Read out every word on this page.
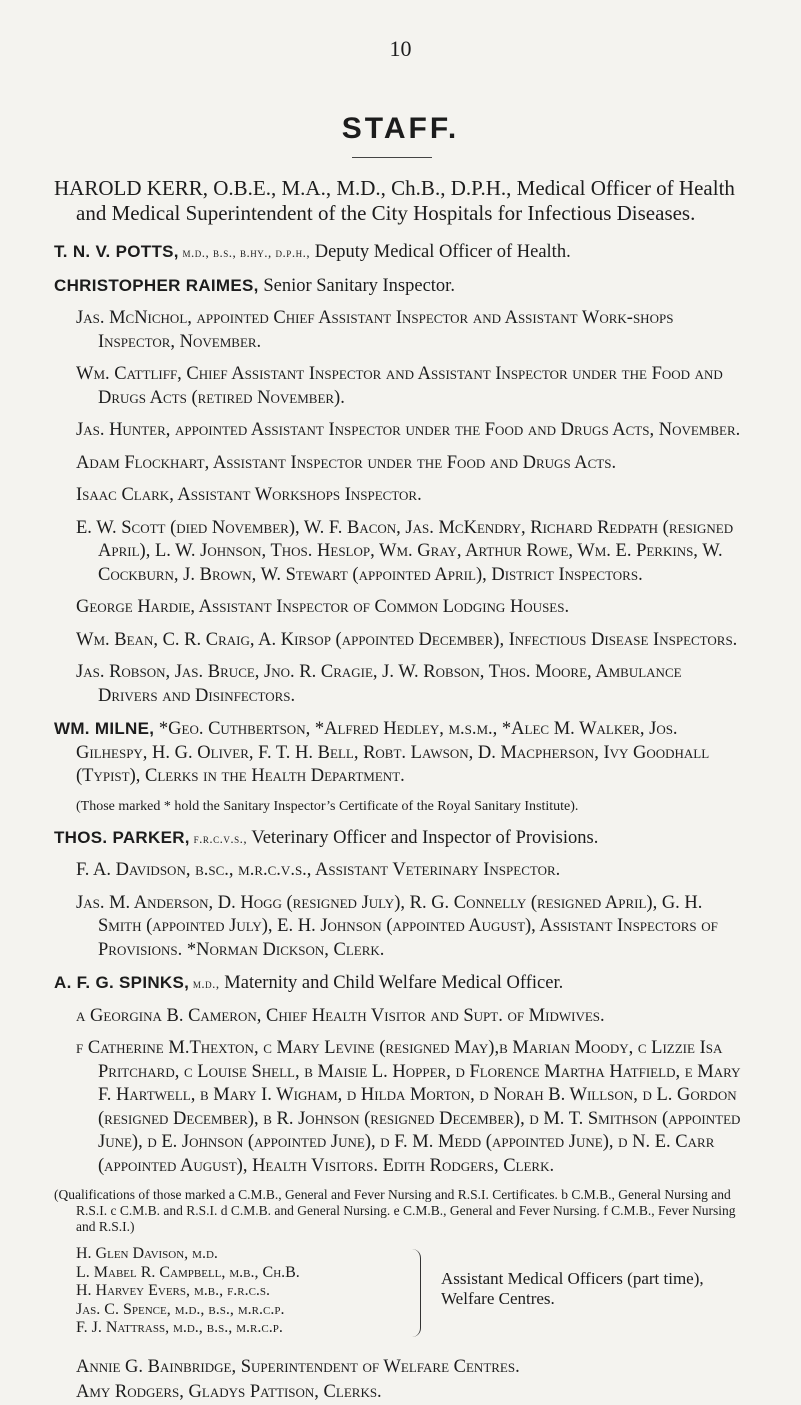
10
STAFF.

HAROLD KERR, O.B.E., M.A., M.D., Ch.B., D.P.H., Medical Officer of Health and Medical Superintendent of the City Hospitals for Infectious Diseases.

T. N. V. POTTS, m.d., b.s., b.hy., d.p.h., Deputy Medical Officer of Health.

CHRISTOPHER RAIMES, Senior Sanitary Inspector.

Jas. McNichol, appointed Chief Assistant Inspector and Assistant Work-shops Inspector, November.

Wm. Cattliff, Chief Assistant Inspector and Assistant Inspector under the Food and Drugs Acts (retired November).

Jas. Hunter, appointed Assistant Inspector under the Food and Drugs Acts, November.

Adam Flockhart, Assistant Inspector under the Food and Drugs Acts.

Isaac Clark, Assistant Workshops Inspector.

E. W. Scott (died November), W. F. Bacon, Jas. McKendry, Richard Redpath (resigned April), L. W. Johnson, Thos. Heslop, Wm. Gray, Arthur Rowe, Wm. E. Perkins, W. Cockburn, J. Brown, W. Stewart (appointed April), District Inspectors.

George Hardie, Assistant Inspector of Common Lodging Houses.

Wm. Bean, C. R. Craig, A. Kirsop (appointed December), Infectious Disease Inspectors.

Jas. Robson, Jas. Bruce, Jno. R. Cragie, J. W. Robson, Thos. Moore, Ambulance Drivers and Disinfectors.

WM. MILNE, *Geo. Cuthbertson, *Alfred Hedley, m.s.m., *Alec M. Walker, Jos. Gilhespy, H. G. Oliver, F. T. H. Bell, Robt. Lawson, D. Macpherson, Ivy Goodhall (Typist), Clerks in the Health Department.

(Those marked * hold the Sanitary Inspector’s Certificate of the Royal Sanitary Institute).

THOS. PARKER, f.r.c.v.s., Veterinary Officer and Inspector of Provisions.

F. A. Davidson, b.sc., m.r.c.v.s., Assistant Veterinary Inspector.

Jas. M. Anderson, D. Hogg (resigned July), R. G. Connelly (resigned April), G. H. Smith (appointed July), E. H. Johnson (appointed August), Assistant Inspectors of Provisions. *Norman Dickson, Clerk.

A. F. G. SPINKS, m.d., Maternity and Child Welfare Medical Officer.

a Georgina B. Cameron, Chief Health Visitor and Supt. of Midwives.

f Catherine M.Thexton, c Mary Levine (resigned May),b Marian Moody, c Lizzie Isa Pritchard, c Louise Shell, b Maisie L. Hopper, d Florence Martha Hatfield, e Mary F. Hartwell, b Mary I. Wigham, d Hilda Morton, d Norah B. Willson, d L. Gordon (resigned December), b R. Johnson (resigned December), d M. T. Smithson (appointed June), d E. Johnson (appointed June), d F. M. Medd (appointed June), d N. E. Carr (appointed August), Health Visitors. Edith Rodgers, Clerk.

(Qualifications of those marked a C.M.B., General and Fever Nursing and R.S.I. Certificates. b C.M.B., General Nursing and R.S.I. c C.M.B. and R.S.I. d C.M.B. and General Nursing. e C.M.B., General and Fever Nursing. f C.M.B., Fever Nursing and R.S.I.)

H. Glen Davison, m.d.
L. Mabel R. Campbell, m.b., Ch.B.
H. Harvey Evers, m.b., f.r.c.s.
Jas. C. Spence, m.d., b.s., m.r.c.p.
F. J. Nattrass, m.d., b.s., m.r.c.p.
Assistant Medical Officers (part time), Welfare Centres.

Annie G. Bainbridge, Superintendent of Welfare Centres.

Amy Rodgers, Gladys Pattison, Clerks.
